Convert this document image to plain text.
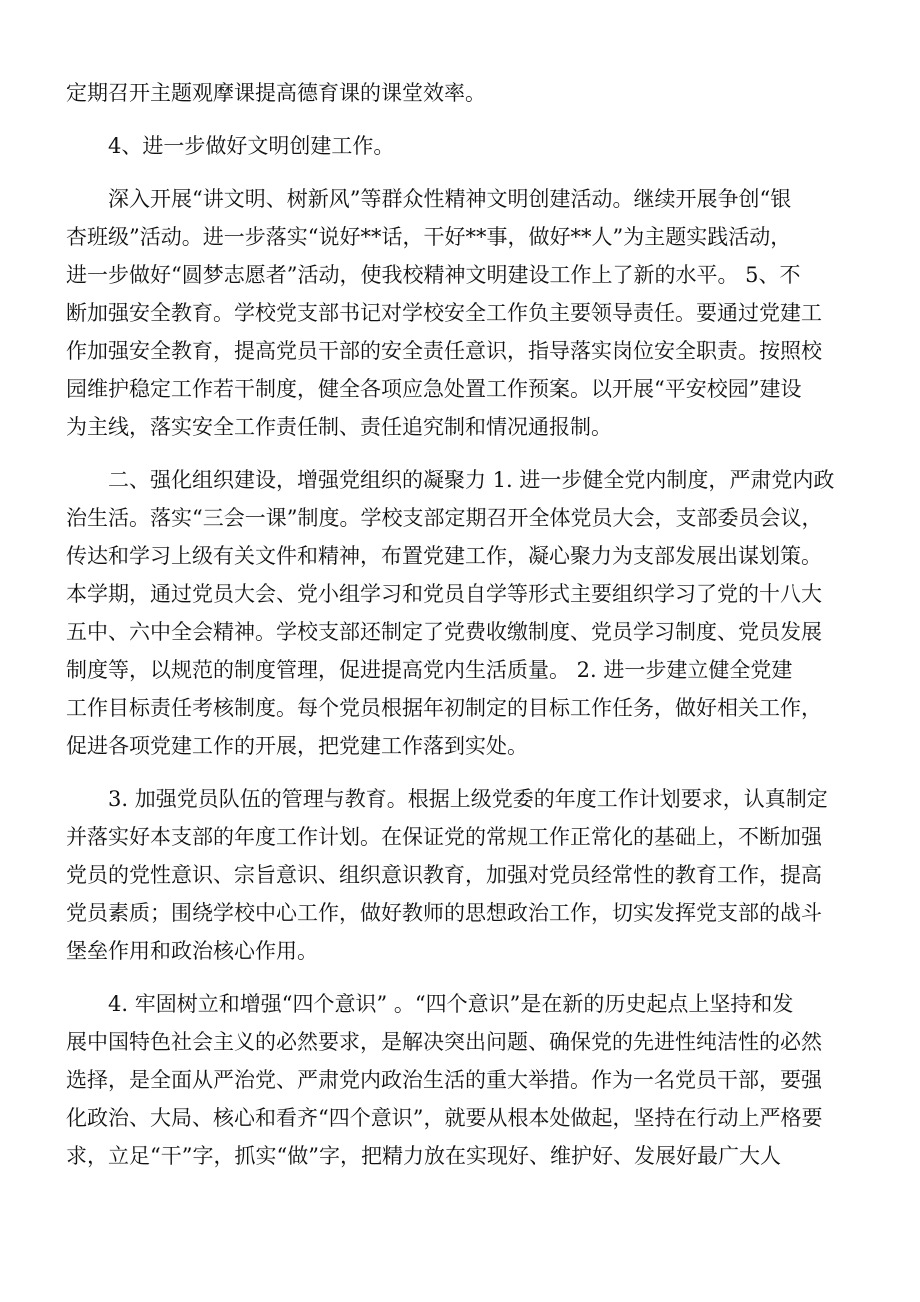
定期召开主题观摩课提高德育课的课堂效率。
4、进一步做好文明创建工作。
深入开展“讲文明、树新风”等群众性精神文明创建活动。继续开展争创“银
杏班级”活动。进一步落实“说好**话，干好**事，做好**人”为主题实践活动，
进一步做好“圆梦志愿者”活动，使我校精神文明建设工作上了新的水平。 5、不
断加强安全教育。学校党支部书记对学校安全工作负主要领导责任。要通过党建工
作加强安全教育，提高党员干部的安全责任意识，指导落实岗位安全职责。按照校
园维护稳定工作若干制度，健全各项应急处置工作预案。以开展“平安校园”建设
为主线，落实安全工作责任制、责任追究制和情况通报制。
二、强化组织建设，增强党组织的凝聚力 1. 进一步健全党内制度，严肃党内政
治生活。落实“三会一课”制度。学校支部定期召开全体党员大会，支部委员会议，
传达和学习上级有关文件和精神，布置党建工作，凝心聚力为支部发展出谋划策。
本学期，通过党员大会、党小组学习和党员自学等形式主要组织学习了党的十八大
五中、六中全会精神。学校支部还制定了党费收缴制度、党员学习制度、党员发展
制度等，以规范的制度管理，促进提高党内生活质量。 2. 进一步建立健全党建
工作目标责任考核制度。每个党员根据年初制定的目标工作任务，做好相关工作，
促进各项党建工作的开展，把党建工作落到实处。
3. 加强党员队伍的管理与教育。根据上级党委的年度工作计划要求，认真制定
并落实好本支部的年度工作计划。在保证党的常规工作正常化的基础上，不断加强
党员的党性意识、宗旨意识、组织意识教育，加强对党员经常性的教育工作，提高
党员素质；围绕学校中心工作，做好教师的思想政治工作，切实发挥党支部的战斗
堡垒作用和政治核心作用。
4. 牢固树立和增强“四个意识” 。“四个意识”是在新的历史起点上坚持和发
展中国特色社会主义的必然要求，是解决突出问题、确保党的先进性纯洁性的必然
选择，是全面从严治党、严肃党内政治生活的重大举措。作为一名党员干部，要强
化政治、大局、核心和看齐“四个意识”，就要从根本处做起，坚持在行动上严格要
求，立足“干”字，抓实“做”字，把精力放在实现好、维护好、发展好最广大人
